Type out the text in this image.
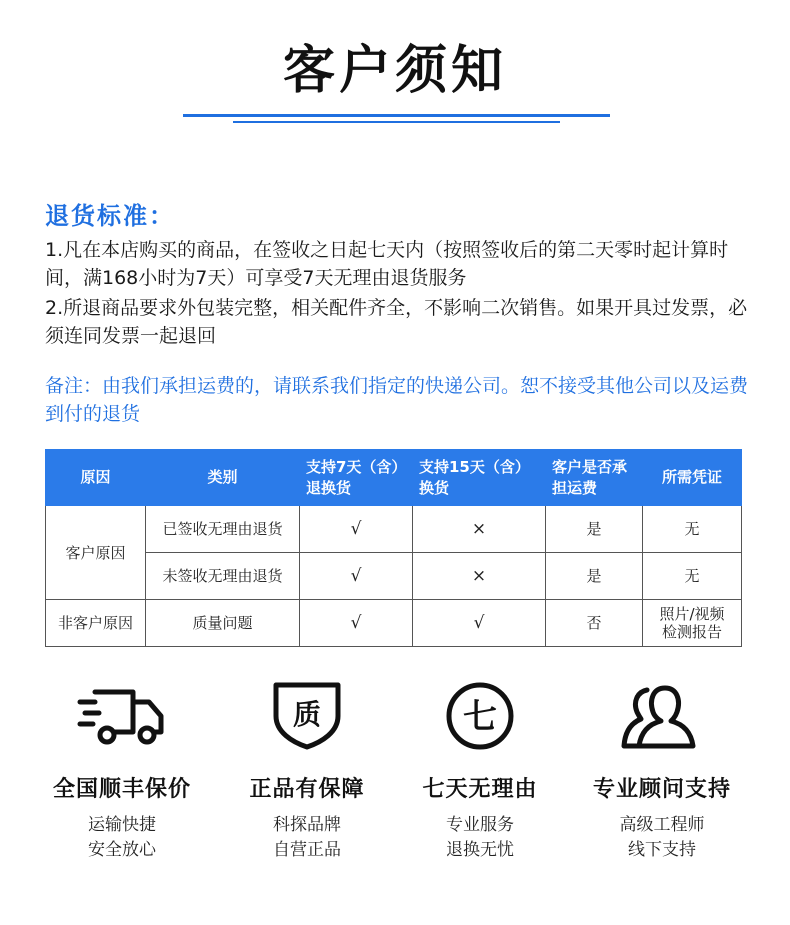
客户须知
退货标准：
1.凡在本店购买的商品，在签收之日起七天内（按照签收后的第二天零时起计算时间，满168小时为7天）可享受7天无理由退货服务
2.所退商品要求外包装完整，相关配件齐全，不影响二次销售。如果开具过发票，必须连同发票一起退回
备注：由我们承担运费的，请联系我们指定的快递公司。恕不接受其他公司以及运费到付的退货
原因	类别	支持7天（含）退换货	支持15天（含）换货	客户是否承担运费	所需凭证
客户原因	已签收无理由退货	√	×	是	无
	未签收无理由退货	√	×	是	无
非客户原因	质量问题	√	√	否	照片/视频检测报告
全国顺丰保价
运输快捷
安全放心
质
正品有保障
科探品牌
自营正品
七
七天无理由
专业服务
退换无忧
专业顾问支持
高级工程师
线下支持
